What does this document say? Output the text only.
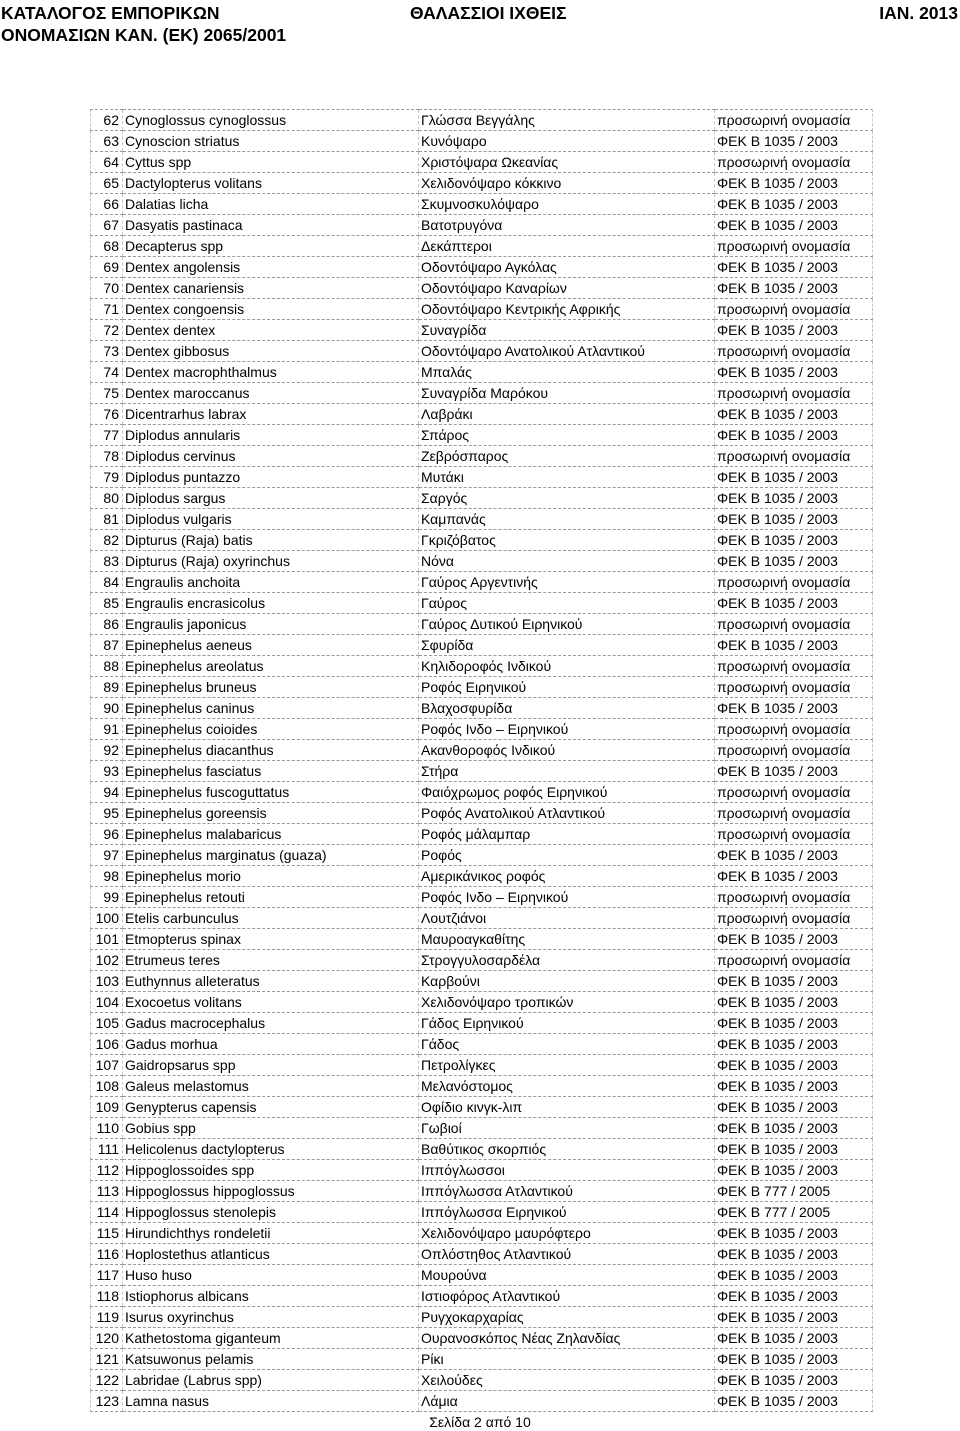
ΚΑΤΑΛΟΓΟΣ ΕΜΠΟΡΙΚΩΝ	ΘΑΛΑΣΣΙΟΙ ΙΧΘΕΙΣ	ΙΑΝ. 2013
ΟΝΟΜΑΣΙΩΝ ΚΑΝ. (ΕΚ) 2065/2001
62	Cynoglossus cynoglossus	Γλώσσα Βεγγάλης	προσωρινή ονομασία
63	Cynoscion striatus	Κυνόψαρο	ΦΕΚ Β 1035 / 2003
64	Cyttus spp	Χριστόψαρα Ωκεανίας	προσωρινή ονομασία
65	Dactylopterus volitans	Χελιδονόψαρο κόκκινο	ΦΕΚ Β 1035 / 2003
66	Dalatias licha	Σκυμνοσκυλόψαρο	ΦΕΚ Β 1035 / 2003
67	Dasyatis pastinaca	Βατοτρυγόνα	ΦΕΚ Β 1035 / 2003
68	Decapterus spp	Δεκάπτεροι	προσωρινή ονομασία
69	Dentex angolensis	Οδοντόψαρο Αγκόλας	ΦΕΚ Β 1035 / 2003
70	Dentex canariensis	Οδοντόψαρο Καναρίων	ΦΕΚ Β 1035 / 2003
71	Dentex congoensis	Οδοντόψαρο Κεντρικής Αφρικής	προσωρινή ονομασία
72	Dentex dentex	Συναγρίδα	ΦΕΚ Β 1035 / 2003
73	Dentex gibbosus	Οδοντόψαρο Ανατολικού Ατλαντικού	προσωρινή ονομασία
74	Dentex macrophthalmus	Μπαλάς	ΦΕΚ Β 1035 / 2003
75	Dentex maroccanus	Συναγρίδα Μαρόκου	προσωρινή ονομασία
76	Dicentrarhus labrax	Λαβράκι	ΦΕΚ Β 1035 / 2003
77	Diplodus annularis	Σπάρος	ΦΕΚ Β 1035 / 2003
78	Diplodus cervinus	Ζεβρόσπαρος	προσωρινή ονομασία
79	Diplodus puntazzo	Μυτάκι	ΦΕΚ Β 1035 / 2003
80	Diplodus sargus	Σαργός	ΦΕΚ Β 1035 / 2003
81	Diplodus vulgaris	Καμπανάς	ΦΕΚ Β 1035 / 2003
82	Dipturus (Raja) batis	Γκριζόβατος	ΦΕΚ Β 1035 / 2003
83	Dipturus (Raja) oxyrinchus	Νόνα	ΦΕΚ Β 1035 / 2003
84	Engraulis anchoita	Γαύρος Αργεντινής	προσωρινή ονομασία
85	Engraulis encrasicolus	Γαύρος	ΦΕΚ Β 1035 / 2003
86	Engraulis japonicus	Γαύρος Δυτικού Ειρηνικού	προσωρινή ονομασία
87	Epinephelus aeneus	Σφυρίδα	ΦΕΚ Β 1035 / 2003
88	Epinephelus areolatus	Κηλιδοροφός Ινδικού	προσωρινή ονομασία
89	Epinephelus bruneus	Ροφός Ειρηνικού	προσωρινή ονομασία
90	Epinephelus caninus	Βλαχοσφυρίδα	ΦΕΚ Β 1035 / 2003
91	Epinephelus coioides	Ροφός Ινδο – Ειρηνικού	προσωρινή ονομασία
92	Epinephelus diacanthus	Ακανθοροφός Ινδικού	προσωρινή ονομασία
93	Epinephelus fasciatus	Στήρα	ΦΕΚ Β 1035 / 2003
94	Epinephelus fuscoguttatus	Φαιόχρωμος ροφός Ειρηνικού	προσωρινή ονομασία
95	Epinephelus goreensis	Ροφός Ανατολικού Ατλαντικού	προσωρινή ονομασία
96	Epinephelus malabaricus	Ροφός μάλαμπαρ	προσωρινή ονομασία
97	Epinephelus marginatus (guaza)	Ροφός	ΦΕΚ Β 1035 / 2003
98	Epinephelus morio	Αμερικάνικος ροφός	ΦΕΚ Β 1035 / 2003
99	Epinephelus retouti	Ροφός Ινδο – Ειρηνικού	προσωρινή ονομασία
100	Etelis carbunculus	Λουτζιάνοι	προσωρινή ονομασία
101	Etmopterus spinax	Μαυροαγκαθίτης	ΦΕΚ Β 1035 / 2003
102	Etrumeus teres	Στρογγυλοσαρδέλα	προσωρινή ονομασία
103	Euthynnus alleteratus	Καρβούνι	ΦΕΚ Β 1035 / 2003
104	Exocoetus volitans	Χελιδονόψαρο τροπικών	ΦΕΚ Β 1035 / 2003
105	Gadus macrocephalus	Γάδος Ειρηνικού	ΦΕΚ Β 1035 / 2003
106	Gadus morhua	Γάδος	ΦΕΚ Β 1035 / 2003
107	Gaidropsarus spp	Πετρολίγκες	ΦΕΚ Β 1035 / 2003
108	Galeus melastomus	Μελανόστομος	ΦΕΚ Β 1035 / 2003
109	Genypterus capensis	Οφίδιο κινγκ-λιπ	ΦΕΚ Β 1035 / 2003
110	Gobius spp	Γωβιοί	ΦΕΚ Β 1035 / 2003
111	Helicolenus dactylopterus	Βαθύτικος σκορπιός	ΦΕΚ Β 1035 / 2003
112	Hippoglossoides spp	Ιππόγλωσσοι	ΦΕΚ Β 1035 / 2003
113	Hippoglossus hippoglossus	Ιππόγλωσσα Ατλαντικού	ΦΕΚ Β 777 / 2005
114	Hippoglossus stenolepis	Ιππόγλωσσα Ειρηνικού	ΦΕΚ Β 777 / 2005
115	Hirundichthys rondeletii	Χελιδονόψαρο μαυρόφτερο	ΦΕΚ Β 1035 / 2003
116	Hoplostethus atlanticus	Οπλόστηθος Ατλαντικού	ΦΕΚ Β 1035 / 2003
117	Huso huso	Μουρούνα	ΦΕΚ Β 1035 / 2003
118	Istiophorus albicans	Ιστιοφόρος Ατλαντικού	ΦΕΚ Β 1035 / 2003
119	Isurus oxyrinchus	Ρυγχοκαρχαρίας	ΦΕΚ Β 1035 / 2003
120	Kathetostoma giganteum	Ουρανοσκόπος Νέας Ζηλανδίας	ΦΕΚ Β 1035 / 2003
121	Katsuwonus pelamis	Ρίκι	ΦΕΚ Β 1035 / 2003
122	Labridae (Labrus spp)	Χειλούδες	ΦΕΚ Β 1035 / 2003
123	Lamna nasus	Λάμια	ΦΕΚ Β 1035 / 2003
Σελίδα 2 από 10
